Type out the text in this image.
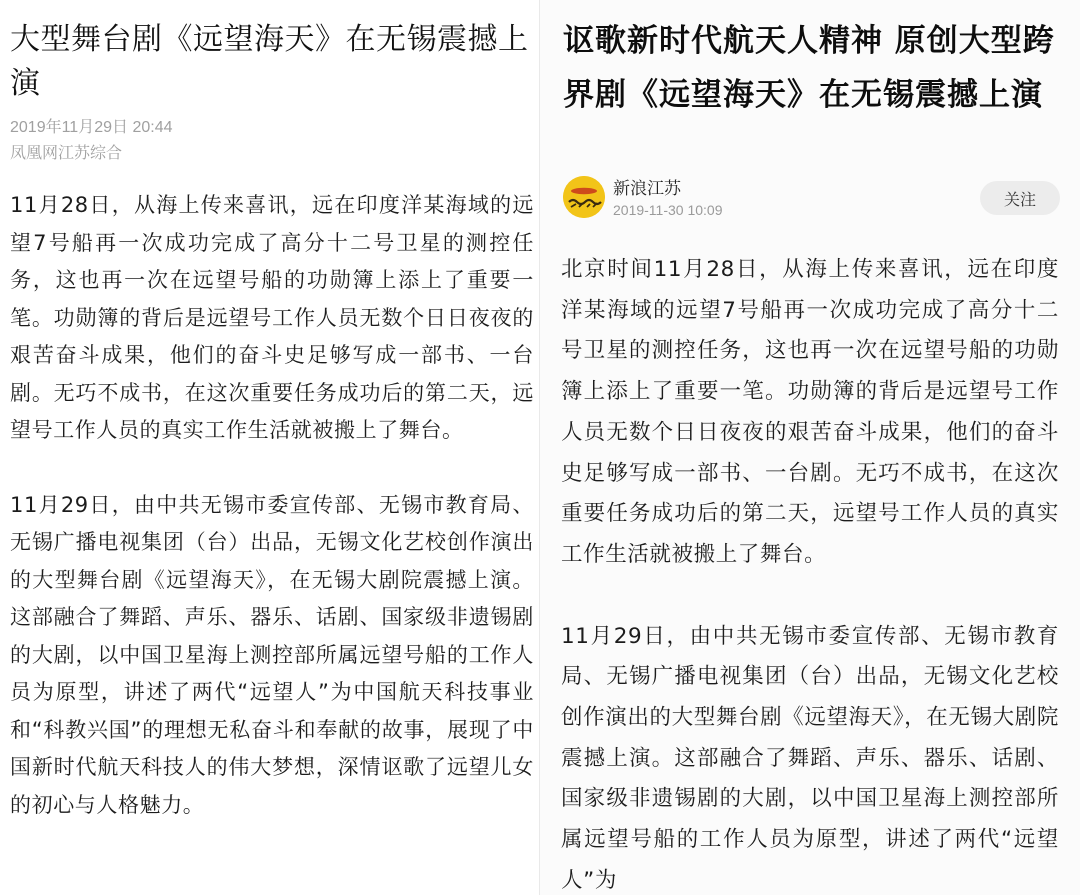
大型舞台剧《远望海天》在无锡震撼上演
2019年11月29日 20:44
凤凰网江苏综合

11月28日，从海上传来喜讯，远在印度洋某海域的远望7号船再一次成功完成了高分十二号卫星的测控任务，这也再一次在远望号船的功勋簿上添上了重要一笔。功勋簿的背后是远望号工作人员无数个日日夜夜的艰苦奋斗成果，他们的奋斗史足够写成一部书、一台剧。无巧不成书，在这次重要任务成功后的第二天，远望号工作人员的真实工作生活就被搬上了舞台。

11月29日，由中共无锡市委宣传部、无锡市教育局、无锡广播电视集团（台）出品，无锡文化艺校创作演出的大型舞台剧《远望海天》，在无锡大剧院震撼上演。这部融合了舞蹈、声乐、器乐、话剧、国家级非遗锡剧的大剧，以中国卫星海上测控部所属远望号船的工作人员为原型，讲述了两代“远望人”为中国航天科技事业和“科教兴国”的理想无私奋斗和奉献的故事，展现了中国新时代航天科技人的伟大梦想，深情讴歌了远望儿女的初心与人格魅力。

讴歌新时代航天人精神 原创大型跨界剧《远望海天》在无锡震撼上演
新浪江苏
2019-11-30 10:09
关注

北京时间11月28日，从海上传来喜讯，远在印度洋某海域的远望7号船再一次成功完成了高分十二号卫星的测控任务，这也再一次在远望号船的功勋簿上添上了重要一笔。功勋簿的背后是远望号工作人员无数个日日夜夜的艰苦奋斗成果，他们的奋斗史足够写成一部书、一台剧。无巧不成书，在这次重要任务成功后的第二天，远望号工作人员的真实工作生活就被搬上了舞台。

11月29日，由中共无锡市委宣传部、无锡市教育局、无锡广播电视集团（台）出品，无锡文化艺校创作演出的大型舞台剧《远望海天》，在无锡大剧院震撼上演。这部融合了舞蹈、声乐、器乐、话剧、国家级非遗锡剧的大剧，以中国卫星海上测控部所属远望号船的工作人员为原型，讲述了两代“远望人”为
